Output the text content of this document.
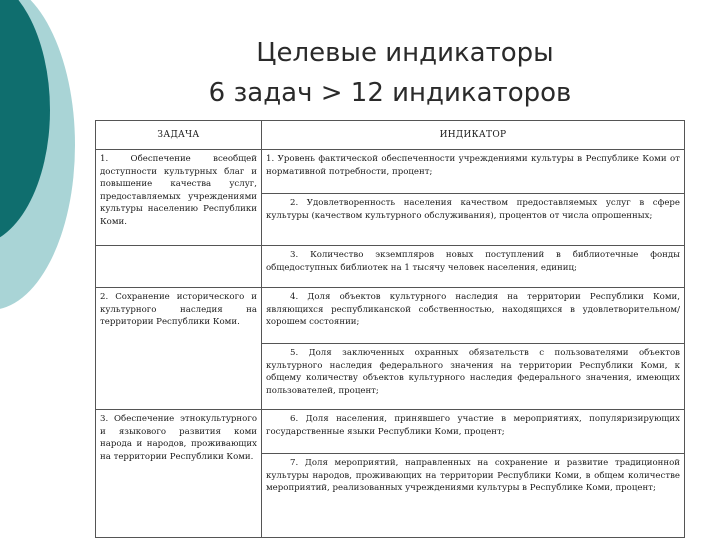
Целевые индикаторы
6 задач > 12 индикаторов
ЗАДАЧА	ИНДИКАТОР
1. Обеспечение всеобщей доступности культурных благ и повышение качества услуг, предоставляемых учреждениями культуры населению Республики Коми.	1. Уровень фактической обеспеченности учреждениями культуры в Республике Коми от нормативной потребности, процент;
	2. Удовлетворенность населения качеством предоставляемых услуг в сфере культуры (качеством культурного обслуживания), процентов от числа опрошенных;
	3. Количество экземпляров новых поступлений в библиотечные фонды общедоступных библиотек на 1 тысячу человек населения, единиц;
2. Сохранение исторического и культурного наследия на территории Республики Коми.	4. Доля объектов культурного наследия на территории Республики Коми, являющихся республиканской собственностью, находящихся в удовлетворительном/хорошем состоянии;
	5. Доля заключенных охранных обязательств с пользователями объектов культурного наследия федерального значения на территории Республики Коми, к общему количеству объектов культурного наследия федерального значения, имеющих пользователей, процент;
3. Обеспечение этнокультурного и языкового развития коми народа и народов, проживающих на территории Республики Коми.	6. Доля населения, принявшего участие в мероприятиях, популяризирующих государственные языки Республики Коми, процент;
	7. Доля мероприятий, направленных на сохранение и развитие традиционной культуры народов, проживающих на территории Республики Коми, в общем количестве мероприятий, реализованных учреждениями культуры в Республике Коми, процент;
